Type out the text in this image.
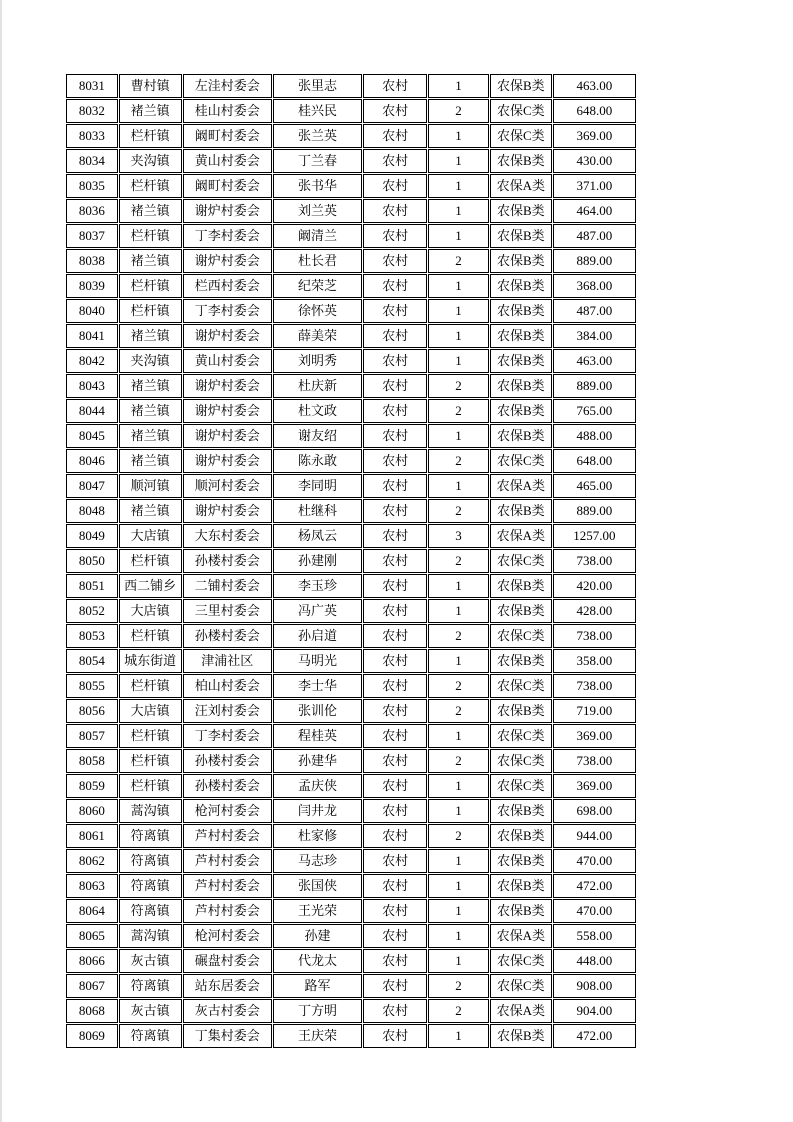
8031	曹村镇	左洼村委会	张里志	农村	1	农保B类	463.00
8032	褚兰镇	桂山村委会	桂兴民	农村	2	农保C类	648.00
8033	栏杆镇	阚町村委会	张兰英	农村	1	农保C类	369.00
8034	夹沟镇	黄山村委会	丁兰春	农村	1	农保B类	430.00
8035	栏杆镇	阚町村委会	张书华	农村	1	农保A类	371.00
8036	褚兰镇	谢炉村委会	刘兰英	农村	1	农保B类	464.00
8037	栏杆镇	丁李村委会	阚清兰	农村	1	农保B类	487.00
8038	褚兰镇	谢炉村委会	杜长君	农村	2	农保B类	889.00
8039	栏杆镇	栏西村委会	纪荣芝	农村	1	农保B类	368.00
8040	栏杆镇	丁李村委会	徐怀英	农村	1	农保B类	487.00
8041	褚兰镇	谢炉村委会	薛美荣	农村	1	农保B类	384.00
8042	夹沟镇	黄山村委会	刘明秀	农村	1	农保B类	463.00
8043	褚兰镇	谢炉村委会	杜庆新	农村	2	农保B类	889.00
8044	褚兰镇	谢炉村委会	杜文政	农村	2	农保B类	765.00
8045	褚兰镇	谢炉村委会	谢友绍	农村	1	农保B类	488.00
8046	褚兰镇	谢炉村委会	陈永敢	农村	2	农保C类	648.00
8047	顺河镇	顺河村委会	李同明	农村	1	农保A类	465.00
8048	褚兰镇	谢炉村委会	杜继科	农村	2	农保B类	889.00
8049	大店镇	大东村委会	杨凤云	农村	3	农保A类	1257.00
8050	栏杆镇	孙楼村委会	孙建刚	农村	2	农保C类	738.00
8051	西二铺乡	二铺村委会	李玉珍	农村	1	农保B类	420.00
8052	大店镇	三里村委会	冯广英	农村	1	农保B类	428.00
8053	栏杆镇	孙楼村委会	孙启道	农村	2	农保C类	738.00
8054	城东街道	津浦社区	马明光	农村	1	农保B类	358.00
8055	栏杆镇	柏山村委会	李士华	农村	2	农保C类	738.00
8056	大店镇	汪刘村委会	张训伦	农村	2	农保B类	719.00
8057	栏杆镇	丁李村委会	程桂英	农村	1	农保C类	369.00
8058	栏杆镇	孙楼村委会	孙建华	农村	2	农保C类	738.00
8059	栏杆镇	孙楼村委会	孟庆侠	农村	1	农保C类	369.00
8060	蒿沟镇	枪河村委会	闫井龙	农村	1	农保B类	698.00
8061	符离镇	芦村村委会	杜家修	农村	2	农保B类	944.00
8062	符离镇	芦村村委会	马志珍	农村	1	农保B类	470.00
8063	符离镇	芦村村委会	张国侠	农村	1	农保B类	472.00
8064	符离镇	芦村村委会	王光荣	农村	1	农保B类	470.00
8065	蒿沟镇	枪河村委会	孙建	农村	1	农保A类	558.00
8066	灰古镇	碾盘村委会	代龙太	农村	1	农保C类	448.00
8067	符离镇	站东居委会	路军	农村	2	农保C类	908.00
8068	灰古镇	灰古村委会	丁方明	农村	2	农保A类	904.00
8069	符离镇	丁集村委会	王庆荣	农村	1	农保B类	472.00
